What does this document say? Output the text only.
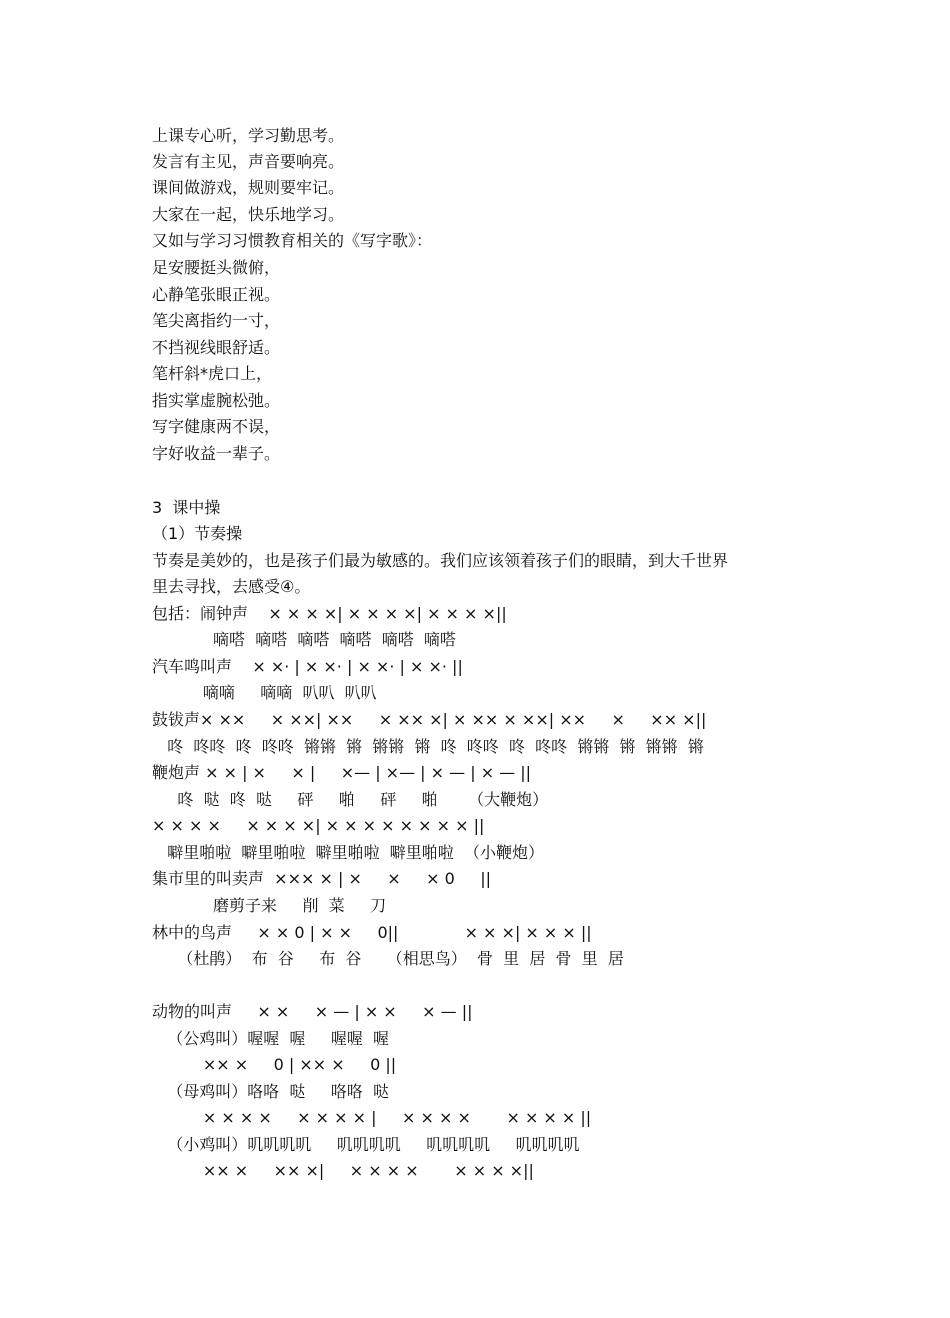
上课专心听，学习勤思考。
发言有主见，声音要响亮。
课间做游戏，规则要牢记。
大家在一起，快乐地学习。
又如与学习习惯教育相关的《写字歌》：
足安腰挺头微俯，
心静笔张眼正视。
笔尖离指约一寸，
不挡视线眼舒适。
笔杆斜*虎口上，
指实掌虚腕松弛。
写字健康两不误，
字好收益一辈子。
3  课中操
（1）节奏操
节奏是美妙的，也是孩子们最为敏感的。我们应该领着孩子们的眼睛，到大千世界
里去寻找，去感受④。
包括：闹钟声    × × × ×| × × × ×| × × × ×||
嘀嗒  嘀嗒  嘀嗒  嘀嗒  嘀嗒  嘀嗒
汽车鸣叫声    × ×· | × ×· | × ×· | × ×· ||
嘀嘀     嘀嘀  叭叭  叭叭
鼓钹声× ××     × ××| ××     × ×× ×| × ×× × ××| ××     ×     ×× ×||
咚  咚咚  咚  咚咚  锵锵  锵  锵锵  锵  咚  咚咚  咚  咚咚  锵锵  锵  锵锵  锵
鞭炮声 × × | ×     × |     ×— | ×— | × — | × — ||
咚  哒  咚  哒     砰     啪     砰     啪      （大鞭炮）
× × × ×     × × × ×| × × × × × × × × ||
噼里啪啦  噼里啪啦  噼里啪啦  噼里啪啦  （小鞭炮）
集市里的叫卖声  ××× × | ×     ×     × 0     ||
磨剪子来     削  菜     刀
林中的鸟声     × × 0 | × ×     0||             × × ×| × × × ||
（杜鹃）  布  谷     布  谷     （相思鸟）  骨  里  居  骨  里  居
动物的叫声     × ×     × — | × ×     × — ||
（公鸡叫）喔喔  喔     喔喔  喔
×× ×     0 | ×× ×     0 ||
（母鸡叫）咯咯  哒     咯咯  哒
× × × ×     × × × × |     × × × ×       × × × × ||
（小鸡叫）叽叽叽叽     叽叽叽叽     叽叽叽叽     叽叽叽叽
×× ×     ×× ×|     × × × ×       × × × ×||
